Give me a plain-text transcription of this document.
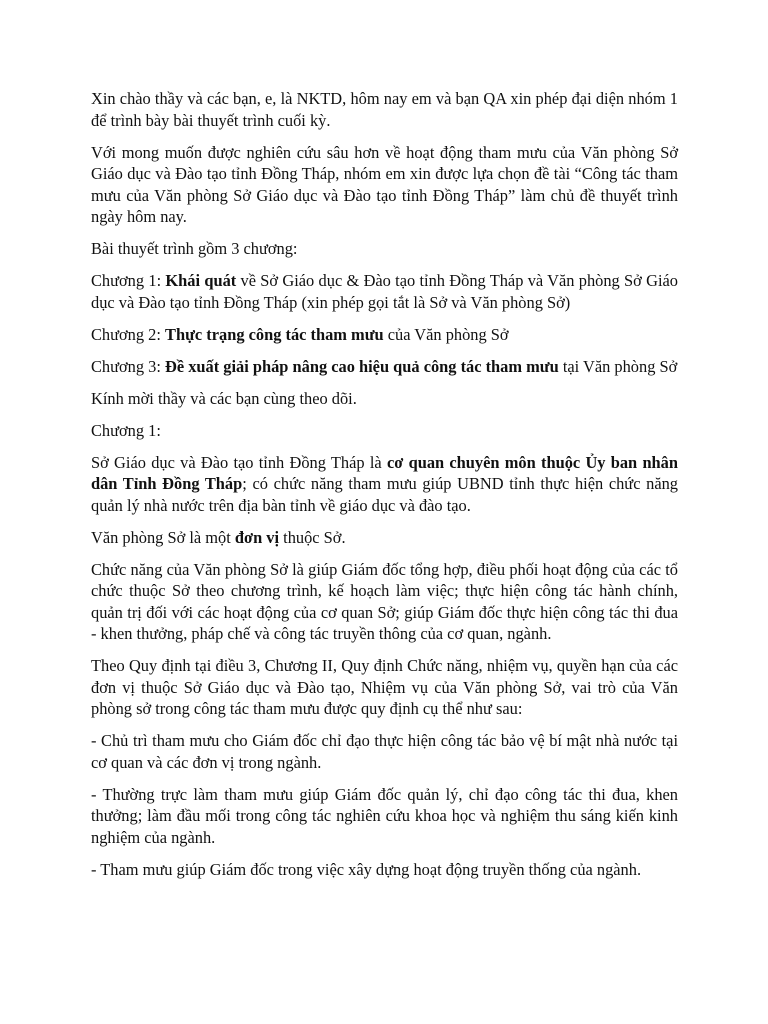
Xin chào thầy và các bạn, e, là NKTD, hôm nay em và bạn QA xin phép đại diện nhóm 1 để trình bày bài thuyết trình cuối kỳ.

Với mong muốn được nghiên cứu sâu hơn về hoạt động tham mưu của Văn phòng Sở Giáo dục và Đào tạo tỉnh Đồng Tháp, nhóm em xin được lựa chọn đề tài “Công tác tham mưu của Văn phòng Sở Giáo dục và Đào tạo tỉnh Đồng Tháp” làm chủ đề thuyết trình ngày hôm nay.

Bài thuyết trình gồm 3 chương:

Chương 1: Khái quát về Sở Giáo dục & Đào tạo tỉnh Đồng Tháp và Văn phòng Sở Giáo dục và Đào tạo tỉnh Đồng Tháp (xin phép gọi tắt là Sở và Văn phòng Sở)

Chương 2: Thực trạng công tác tham mưu của Văn phòng Sở

Chương 3: Đề xuất giải pháp nâng cao hiệu quả công tác tham mưu tại Văn phòng Sở

Kính mời thầy và các bạn cùng theo dõi.

Chương 1:

Sở Giáo dục và Đào tạo tỉnh Đồng Tháp là cơ quan chuyên môn thuộc Ủy ban nhân dân Tỉnh Đồng Tháp; có chức năng tham mưu giúp UBND tỉnh thực hiện chức năng quản lý nhà nước trên địa bàn tỉnh về giáo dục và đào tạo.

Văn phòng Sở là một đơn vị thuộc Sở.

Chức năng của Văn phòng Sở là giúp Giám đốc tổng hợp, điều phối hoạt động của các tổ chức thuộc Sở theo chương trình, kế hoạch làm việc; thực hiện công tác hành chính, quản trị đối với các hoạt động của cơ quan Sở; giúp Giám đốc thực hiện công tác thi đua - khen thưởng, pháp chế và công tác truyền thông của cơ quan, ngành.

Theo Quy định tại điều 3, Chương II, Quy định Chức năng, nhiệm vụ, quyền hạn của các đơn vị thuộc Sở Giáo dục và Đào tạo, Nhiệm vụ của Văn phòng Sở, vai trò của Văn phòng sở trong công tác tham mưu được quy định cụ thể như sau:

- Chủ trì tham mưu cho Giám đốc chỉ đạo thực hiện công tác bảo vệ bí mật nhà nước tại cơ quan và các đơn vị trong ngành.

- Thường trực làm tham mưu giúp Giám đốc quản lý, chỉ đạo công tác thi đua, khen thưởng; làm đầu mối trong công tác nghiên cứu khoa học và nghiệm thu sáng kiến kinh nghiệm của ngành.

- Tham mưu giúp Giám đốc trong việc xây dựng hoạt động truyền thống của ngành.
